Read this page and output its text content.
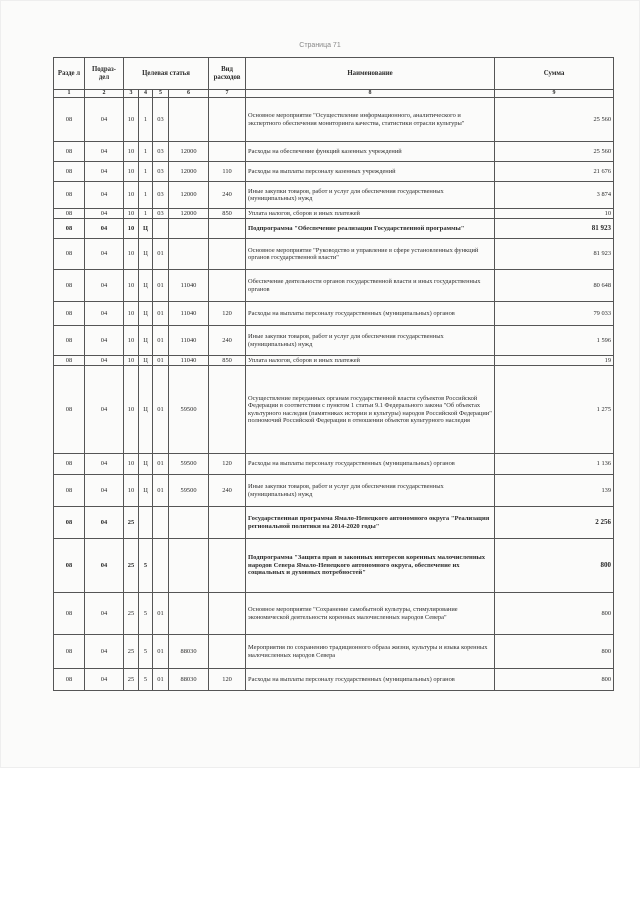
Страница 71
Разде л	Подраз- дел	Целевая статья				Вид расходов	Наименование	Сумма
1	2	3	4	5	6	7	8	9
08	04	10	1	03			Основное мероприятие "Осуществление информационного, аналитического и экспертного обеспечения мониторинга качества, статистики отрасли культуры"	25 560
08	04	10	1	03	12000		Расходы на обеспечение функций казенных учреждений	25 560
08	04	10	1	03	12000	110	Расходы на выплаты персоналу казенных учреждений	21 676
08	04	10	1	03	12000	240	Иные закупки товаров, работ и услуг для обеспечения государственных (муниципальных) нужд	3 874
08	04	10	1	03	12000	850	Уплата налогов, сборов и иных платежей	10
08	04	10	Ц				Подпрограмма "Обеспечение реализации Государственной программы"	81 923
08	04	10	Ц	01			Основное мероприятие "Руководство и управление в сфере установленных функций органов государственной власти"	81 923
08	04	10	Ц	01	11040		Обеспечение деятельности органов государственной власти и иных государственных органов	80 648
08	04	10	Ц	01	11040	120	Расходы на выплаты персоналу государственных (муниципальных) органов	79 033
08	04	10	Ц	01	11040	240	Иные закупки товаров, работ и услуг для обеспечения государственных (муниципальных) нужд	1 596
08	04	10	Ц	01	11040	850	Уплата налогов, сборов и иных платежей	19
08	04	10	Ц	01	59500		Осуществление переданных органам государственной власти субъектов Российской Федерации в соответствии с пунктом 1 статьи 9.1 Федерального закона "Об объектах культурного наследия (памятниках истории и культуры) народов Российской Федерации" полномочий Российской Федерации в отношении объектов культурного наследия	1 275
08	04	10	Ц	01	59500	120	Расходы на выплаты персоналу государственных (муниципальных) органов	1 136
08	04	10	Ц	01	59500	240	Иные закупки товаров, работ и услуг для обеспечения государственных (муниципальных) нужд	139
08	04	25					Государственная программа Ямало-Ненецкого автономного округа "Реализация региональной политики на 2014-2020 годы"	2 256
08	04	25	5				Подпрограмма "Защита прав и законных интересов коренных малочисленных народов Севера Ямало-Ненецкого автономного округа, обеспечение их социальных и духовных потребностей"	800
08	04	25	5	01			Основное мероприятие "Сохранение самобытной культуры, стимулирование экономической деятельности коренных малочисленных народов Севера"	800
08	04	25	5	01	88030		Мероприятия по сохранению традиционного образа жизни, культуры и языка коренных малочисленных народов Севера	800
08	04	25	5	01	88030	120	Расходы на выплаты персоналу государственных (муниципальных) органов	800
